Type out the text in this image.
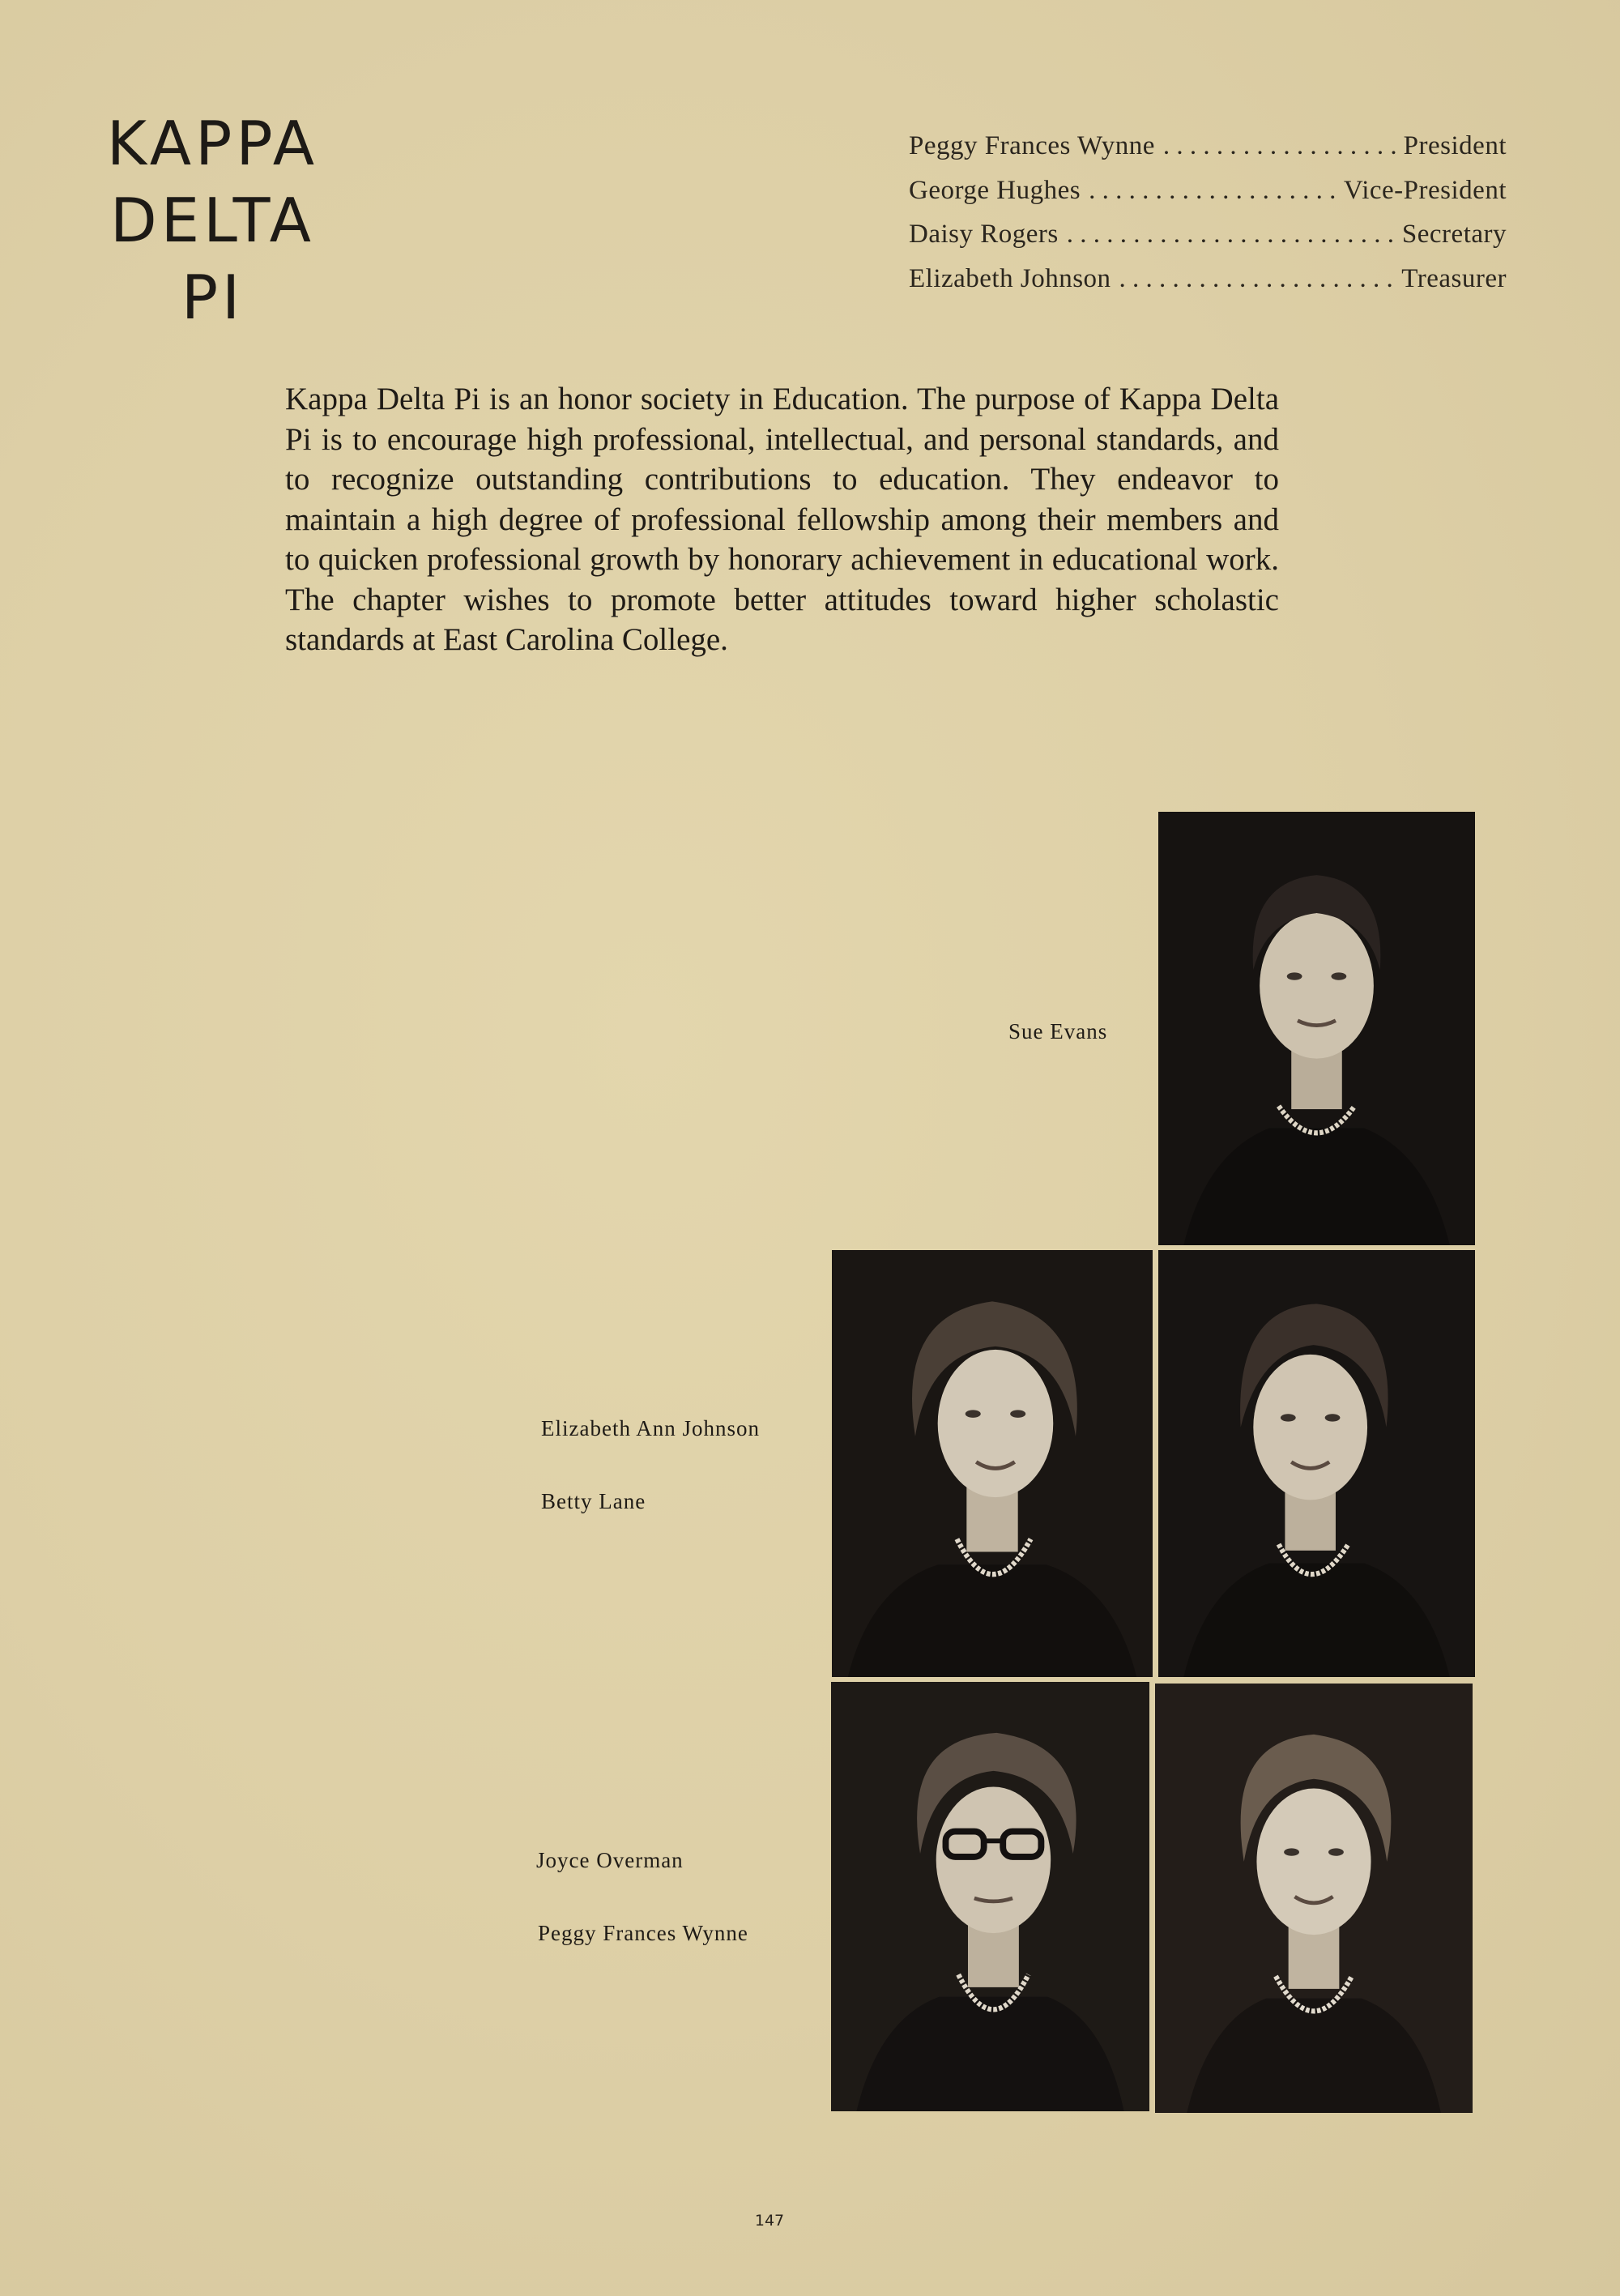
KAPPA
DELTA
PI
Peggy Frances Wynne . . .	President
George Hughes . . .	Vice-President
Daisy Rogers . . .	Secretary
Elizabeth Johnson . . .	Treasurer

Kappa Delta Pi is an honor society in Education. The purpose of Kappa Delta Pi is to encourage high professional, intellectual, and personal standards, and to recognize outstanding contributions to education. They endeavor to maintain a high degree of professional fellowship among their members and to quicken professional growth by honorary achievement in educational work. The chapter wishes to promote better attitudes toward higher scholastic standards at East Carolina College.

Sue Evans
Elizabeth Ann Johnson
Betty Lane
Joyce Overman
Peggy Frances Wynne
147
